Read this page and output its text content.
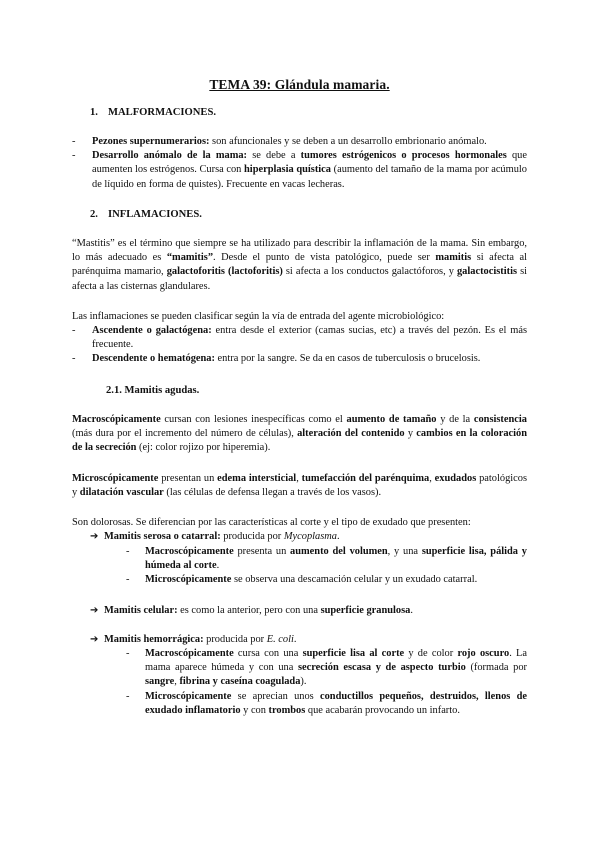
TEMA 39: Glándula mamaria.
1. MALFORMACIONES.
- Pezones supernumerarios: son afuncionales y se deben a un desarrollo embrionario anómalo.
- Desarrollo anómalo de la mama: se debe a tumores estrógenicos o procesos hormonales que aumenten los estrógenos. Cursa con hiperplasia quística (aumento del tamaño de la mama por acúmulo de líquido en forma de quistes). Frecuente en vacas lecheras.
2. INFLAMACIONES.

“Mastitis” es el término que siempre se ha utilizado para describir la inflamación de la mama. Sin embargo, lo más adecuado es “mamitis”. Desde el punto de vista patológico, puede ser mamitis si afecta al parénquima mamario, galactoforitis (lactoforitis) si afecta a los conductos galactóforos, y galactocistitis si afecta a las cisternas glandulares.

Las inflamaciones se pueden clasificar según la vía de entrada del agente microbiológico:

- Ascendente o galactógena: entra desde el exterior (camas sucias, etc) a través del pezón. Es el más frecuente.
- Descendente o hematógena: entra por la sangre. Se da en casos de tuberculosis o brucelosis.
2.1. Mamitis agudas.

Macroscópicamente cursan con lesiones inespecíficas como el aumento de tamaño y de la consistencia (más dura por el incremento del número de células), alteración del contenido y cambios en la coloración de la secreción (ej: color rojizo por hiperemia).

Microscópicamente presentan un edema intersticial, tumefacción del parénquima, exudados patológicos y dilatación vascular (las células de defensa llegan a través de los vasos).

Son dolorosas. Se diferencian por las características al corte y el tipo de exudado que presenten:

➔ Mamitis serosa o catarral: producida por Mycoplasma.
- Macroscópicamente presenta un aumento del volumen, y una superficie lisa, pálida y húmeda al corte.
- Microscópicamente se observa una descamación celular y un exudado catarral.
➔ Mamitis celular: es como la anterior, pero con una superficie granulosa.
➔ Mamitis hemorrágica: producida por E. coli.
- Macroscópicamente cursa con una superficie lisa al corte y de color rojo oscuro. La mama aparece húmeda y con una secreción escasa y de aspecto turbio (formada por sangre, fibrina y caseína coagulada).
- Microscópicamente se aprecian unos conductillos pequeños, destruidos, llenos de exudado inflamatorio y con trombos que acabarán provocando un infarto.
